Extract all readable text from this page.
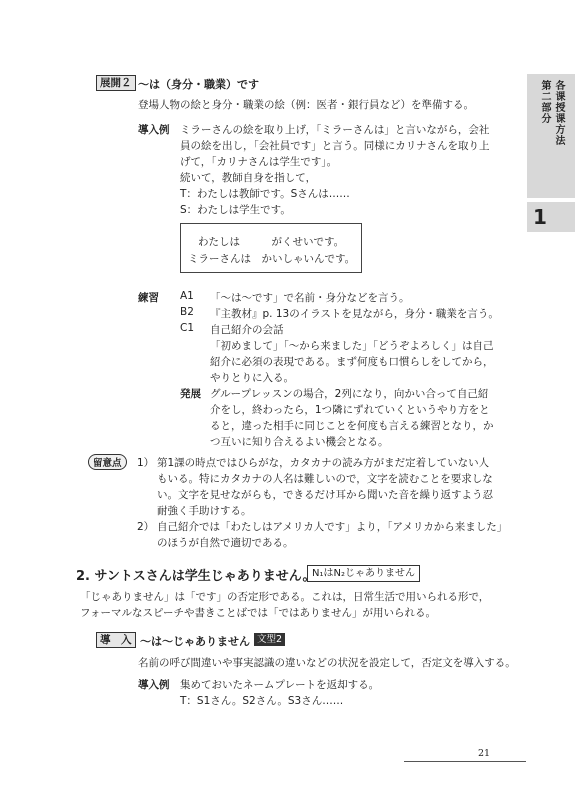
第二部分 各课授课方法
1
展開２ ～は（身分・職業）です
登場人物の絵と身分・職業の絵（例：医者・銀行員など）を準備する。
導入例 ミラーさんの絵を取り上げ，「ミラーさんは」と言いながら，会社
員の絵を出し，「会社員です」と言う。同様にカリナさんを取り上
げて，「カリナさんは学生です」。
続いて，教師自身を指して，
T：わたしは教師です。Sさんは……
S：わたしは学生です。
わたしは　　　がくせいです。
ミラーさんは　かいしゃいんです。
練習 A1 「～は～です」で名前・身分などを言う。
B2 『主教材』p. 13のイラストを見ながら，身分・職業を言う。
C1 自己紹介の会話
「初めまして」「～から来ました」「どうぞよろしく」は自己
紹介に必須の表現である。まず何度も口慣らしをしてから，
やりとりに入る。
発展 グループレッスンの場合，2列になり，向かい合って自己紹
介をし，終わったら，1つ隣にずれていくというやり方をと
ると，違った相手に同じことを何度も言える練習となり，か
つ互いに知り合えるよい機会となる。
留意点	1） 第1課の時点ではひらがな，カタカナの読み方がまだ定着していない人
もいる。特にカタカナの人名は難しいので，文字を読むことを要求しな
い。文字を見せながらも，できるだけ耳から聞いた音を繰り返すよう忍
耐強く手助けする。
2） 自己紹介では「わたしはアメリカ人です」より，「アメリカから来ました」
のほうが自然で適切である。
2. サントスさんは学生じゃありません。
N₁はN₂じゃありません
「じゃありません」は「です」の否定形である。これは，日常生活で用いられる形で，
フォーマルなスピーチや書きことばでは「ではありません」が用いられる。
導　入 ～は～じゃありません 文型2
名前の呼び間違いや事実認識の違いなどの状況を設定して，否定文を導入する。
導入例 集めておいたネームプレートを返却する。
T：S1さん。S2さん。S3さん……
21
